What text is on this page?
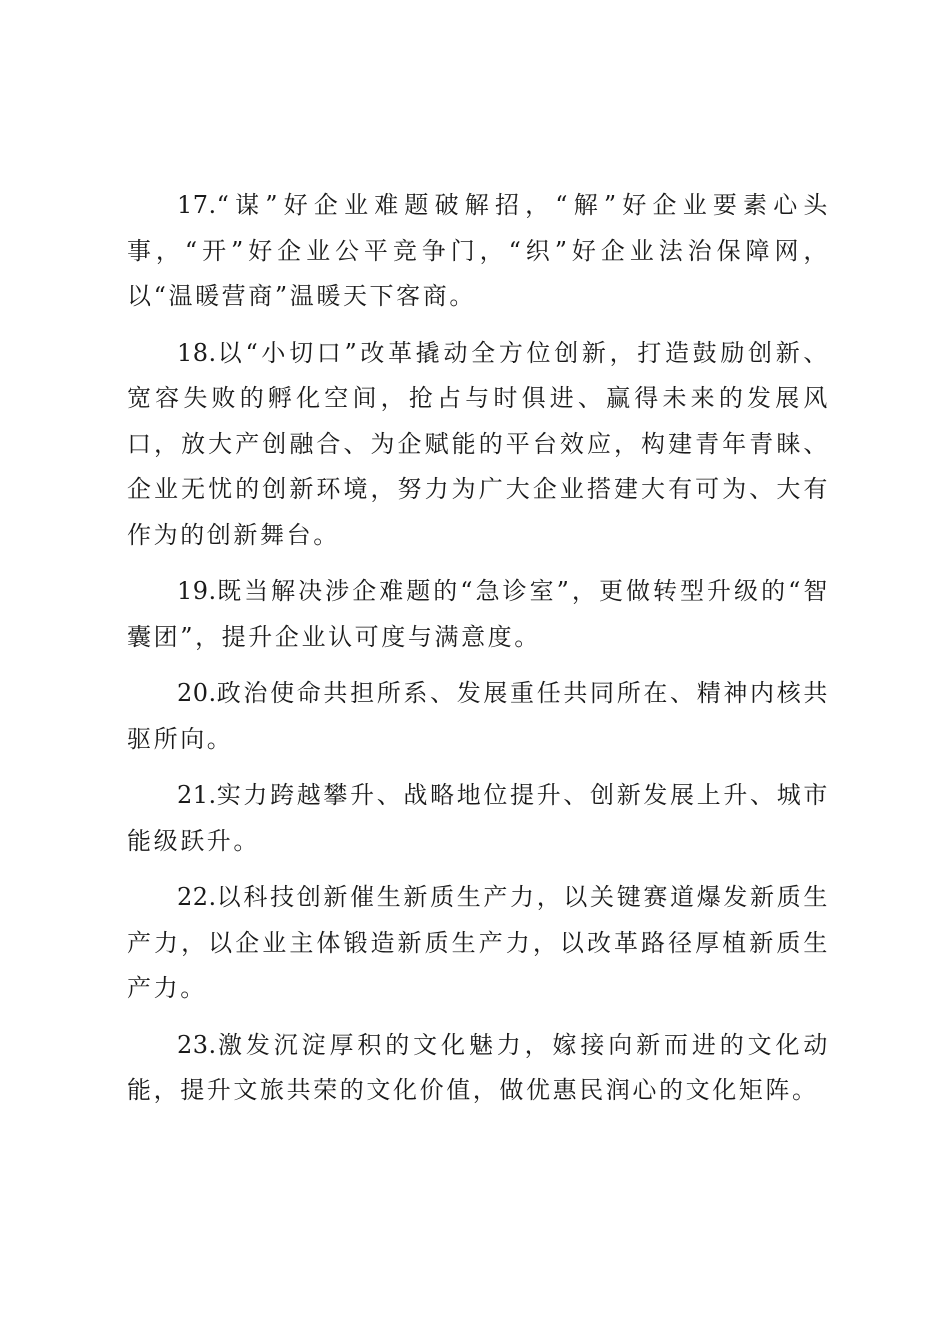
17.“谋”好企业难题破解招，“解”好企业要素心头事，“开”好企业公平竞争门，“织”好企业法治保障网，以“温暖营商”温暖天下客商。

18.以“小切口”改革撬动全方位创新，打造鼓励创新、宽容失败的孵化空间，抢占与时俱进、赢得未来的发展风口，放大产创融合、为企赋能的平台效应，构建青年青睐、企业无忧的创新环境，努力为广大企业搭建大有可为、大有作为的创新舞台。

19.既当解决涉企难题的“急诊室”，更做转型升级的“智囊团”，提升企业认可度与满意度。

20.政治使命共担所系、发展重任共同所在、精神内核共驱所向。

21.实力跨越攀升、战略地位提升、创新发展上升、城市能级跃升。

22.以科技创新催生新质生产力，以关键赛道爆发新质生产力，以企业主体锻造新质生产力，以改革路径厚植新质生产力。

23.激发沉淀厚积的文化魅力，嫁接向新而进的文化动能，提升文旅共荣的文化价值，做优惠民润心的文化矩阵。
